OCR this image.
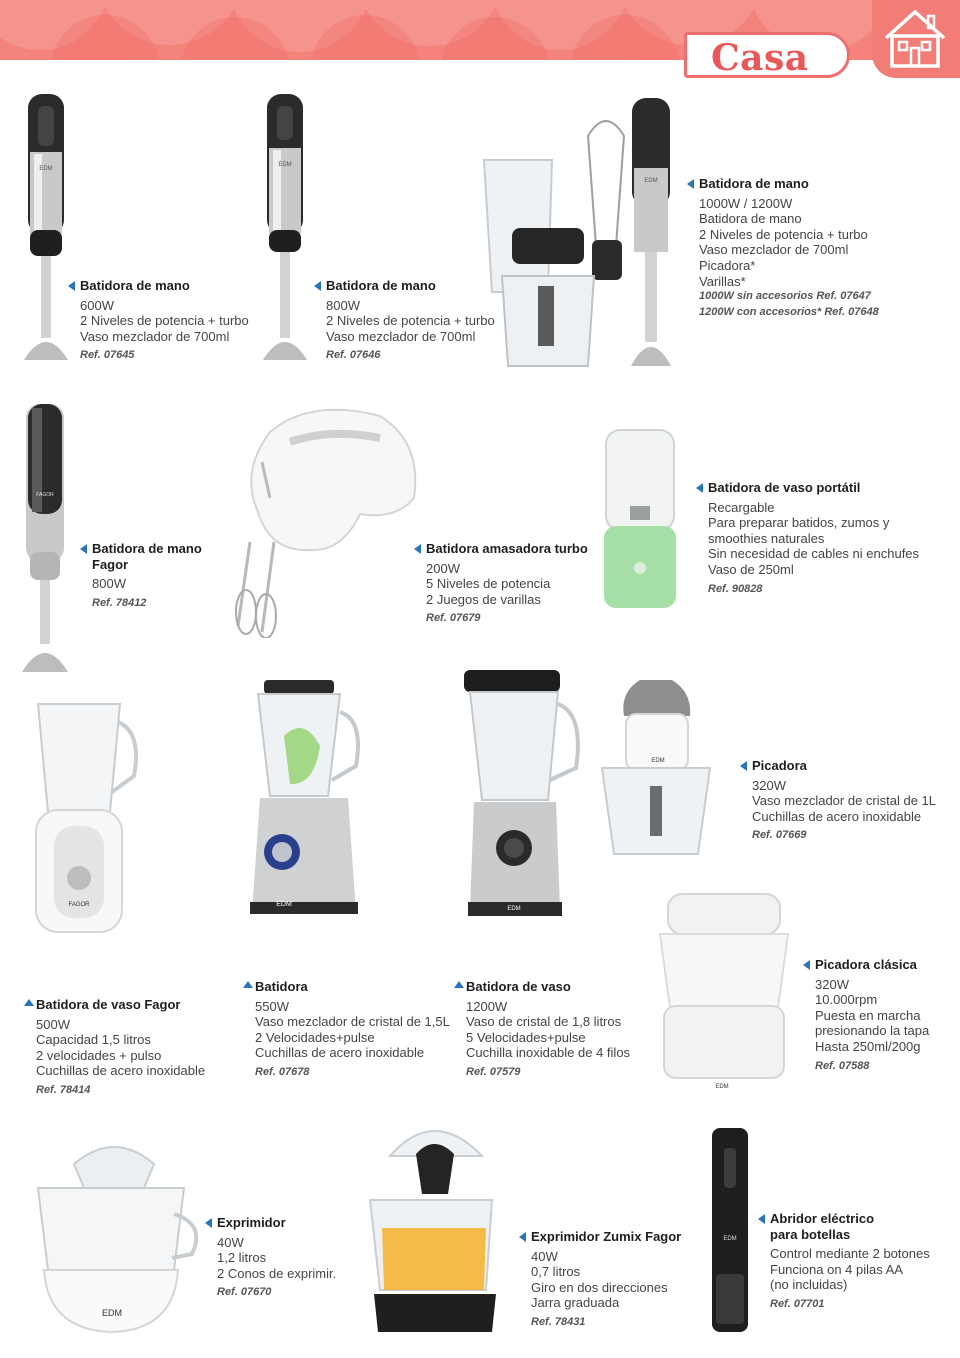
Casa
EDM
EDM
EDM
FAGOR
FAGOR	EDM
EDM
EDM
EDM
EDM
EDM
Batidora de mano
600W
2 Niveles de potencia + turbo
Vaso mezclador de 700ml
Ref. 07645
Batidora de mano
800W
2 Niveles de potencia + turbo
Vaso mezclador de 700ml
Ref. 07646
Batidora de mano
1000W / 1200W
Batidora de mano
2 Niveles de potencia + turbo
Vaso mezclador de 700ml
Picadora*
Varillas*
1000W sin accesorios Ref. 07647
1200W con accesorios* Ref. 07648
Batidora de mano
Fagor
800W
Ref. 78412
Batidora amasadora turbo
200W
5 Niveles de potencia
2 Juegos de varillas
Ref. 07679
Batidora de vaso portátil
Recargable
Para preparar batidos, zumos y
smoothies naturales
Sin necesidad de cables ni enchufes
Vaso de 250ml
Ref. 90828
Picadora
320W
Vaso mezclador de cristal de 1L
Cuchillas de acero inoxidable
Ref. 07669
Batidora de vaso Fagor
500W
Capacidad 1,5 litros
2 velocidades + pulso
Cuchillas de acero inoxidable
Ref. 78414
Batidora
550W
Vaso mezclador de cristal de 1,5L
2 Velocidades+pulse
Cuchillas de acero inoxidable
Ref. 07678
Batidora de vaso
1200W
Vaso de cristal de 1,8 litros
5 Velocidades+pulse
Cuchilla inoxidable de 4 filos
Ref. 07579
Picadora clásica
320W
10.000rpm
Puesta en marcha
presionando la tapa
Hasta 250ml/200g
Ref. 07588
Exprimidor
40W
1,2 litros
2 Conos de exprimir.
Ref. 07670
Exprimidor Zumix Fagor
40W
0,7 litros
Giro en dos direcciones
Jarra graduada
Ref. 78431
Abridor eléctrico
para botellas
Control mediante 2 botones
Funciona on 4 pilas AA
(no incluidas)
Ref. 07701
